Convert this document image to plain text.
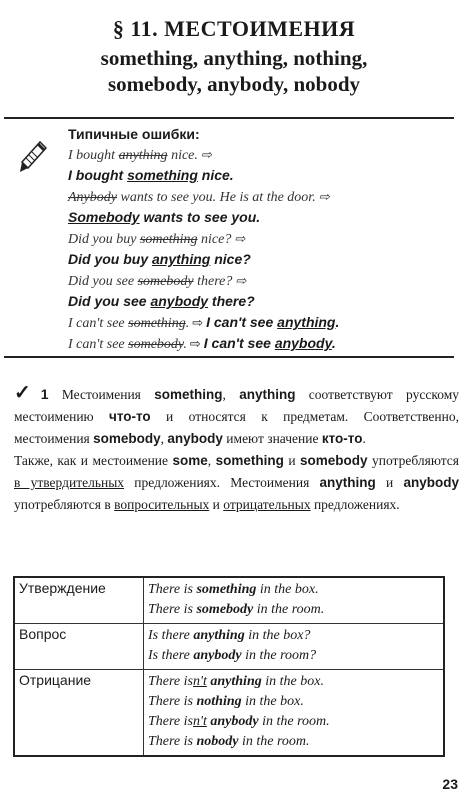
§ 11. МЕСТОИМЕНИЯ
something, anything, nothing,
somebody, anybody, nobody
Типичные ошибки:
I bought anything nice. ⇨
I bought something nice.
Anybody wants to see you. He is at the door. ⇨
Somebody wants to see you.
Did you buy something nice? ⇨
Did you buy anything nice?
Did you see somebody there? ⇨
Did you see anybody there?
I can't see something. ⇨ I can't see anything.
I can't see somebody. ⇨ I can't see anybody.

✓1 Местоимения something, anything соответствуют русскому местоимению что-то и относятся к предметам. Соответственно, местоимения somebody, anybody имеют значение кто-то.

Также, как и местоимение some, something и somebody употребляются в утвердительных предложениях. Местоимения anything и anybody употребляются в вопросительных и отрицательных предложениях.

Утверждение	There is something in the box.
There is somebody in the room.

Вопрос	Is there anything in the box?
Is there anybody in the room?

Отрицание	There isn't anything in the box.
There is nothing in the box.
There isn't anybody in the room.
There is nobody in the room.
23
